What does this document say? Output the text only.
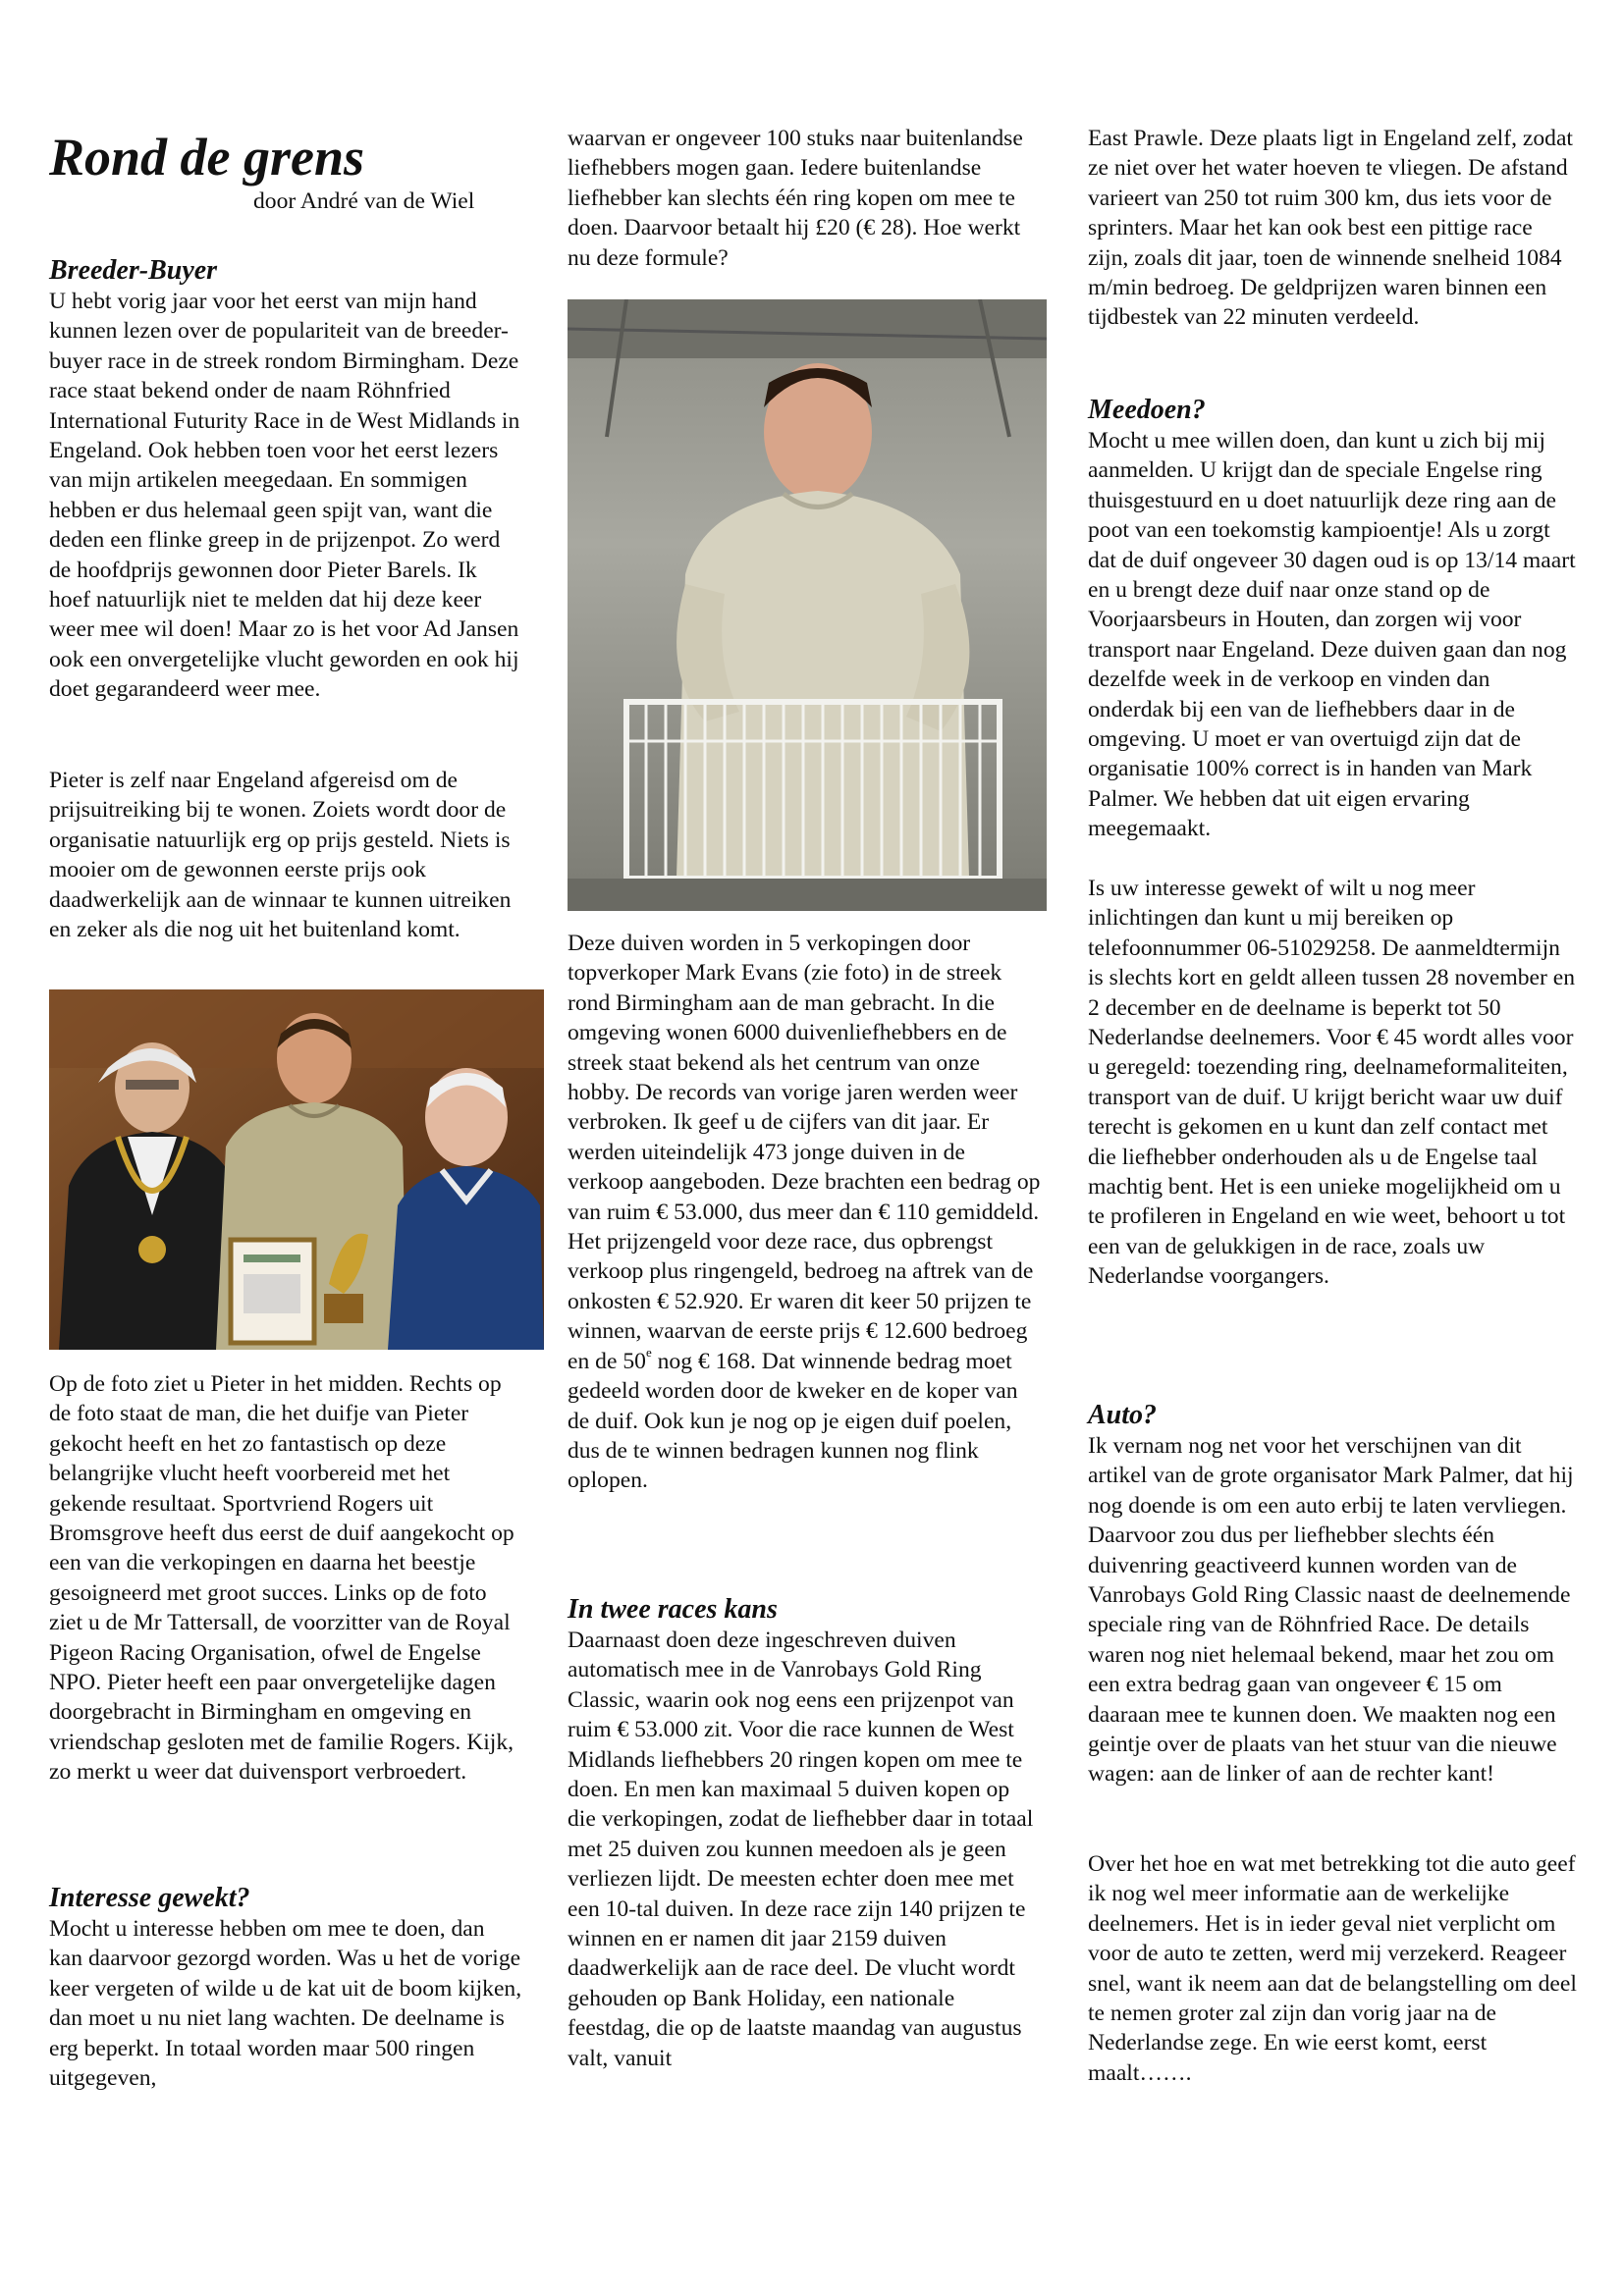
Rond de grens
door André van de Wiel
Breeder-Buyer

U hebt vorig jaar voor het eerst van mijn hand kunnen lezen over de populariteit van de breeder-buyer race in de streek rondom Birmingham. Deze race staat bekend onder de naam Röhnfried International Futurity Race in de West Midlands in Engeland. Ook hebben toen voor het eerst lezers van mijn artikelen meegedaan. En sommigen hebben er dus helemaal geen spijt van, want die deden een flinke greep in de prijzenpot. Zo werd de hoofdprijs gewonnen door Pieter Barels. Ik hoef natuurlijk niet te melden dat hij deze keer weer mee wil doen! Maar zo is het voor Ad Jansen ook een onvergetelijke vlucht geworden en ook hij doet gegarandeerd weer mee.

Pieter is zelf naar Engeland afgereisd om de prijsuitreiking bij te wonen. Zoiets wordt door de organisatie natuurlijk erg op prijs gesteld. Niets is mooier om de gewonnen eerste prijs ook daadwerkelijk aan de winnaar te kunnen uitreiken en zeker als die nog uit het buitenland komt.

Op de foto ziet u Pieter in het midden. Rechts op de foto staat de man, die het duifje van Pieter gekocht heeft en het zo fantastisch op deze belangrijke vlucht heeft voorbereid met het gekende resultaat. Sportvriend Rogers uit Bromsgrove heeft dus eerst de duif aangekocht op een van die verkopingen en daarna het beestje gesoigneerd met groot succes. Links op de foto ziet u de Mr Tattersall, de voorzitter van de Royal Pigeon Racing Organisation, ofwel de Engelse NPO. Pieter heeft een paar onvergetelijke dagen doorgebracht in Birmingham en omgeving en vriendschap gesloten met de familie Rogers. Kijk, zo merkt u weer dat duivensport verbroedert.

Interesse gewekt?

Mocht u interesse hebben om mee te doen, dan kan daarvoor gezorgd worden. Was u het de vorige keer vergeten of wilde u de kat uit de boom kijken, dan moet u nu niet lang wachten. De deelname is erg beperkt. In totaal worden maar 500 ringen uitgegeven,

waarvan er ongeveer 100 stuks naar buitenlandse liefhebbers mogen gaan. Iedere buitenlandse liefhebber kan slechts één ring kopen om mee te doen. Daarvoor betaalt hij £20 (€ 28). Hoe werkt nu deze formule?

Deze duiven worden in 5 verkopingen door topverkoper Mark Evans (zie foto) in de streek rond Birmingham aan de man gebracht. In die omgeving wonen 6000 duivenliefhebbers en de streek staat bekend als het centrum van onze hobby. De records van vorige jaren werden weer verbroken. Ik geef u de cijfers van dit jaar. Er werden uiteindelijk 473 jonge duiven in de verkoop aangeboden. Deze brachten een bedrag op van ruim € 53.000, dus meer dan € 110 gemiddeld. Het prijzengeld voor deze race, dus opbrengst verkoop plus ringengeld, bedroeg na aftrek van de onkosten € 52.920. Er waren dit keer 50 prijzen te winnen, waarvan de eerste prijs € 12.600 bedroeg en de 50e nog € 168. Dat winnende bedrag moet gedeeld worden door de kweker en de koper van de duif. Ook kun je nog op je eigen duif poelen, dus de te winnen bedragen kunnen nog flink oplopen.

In twee races kans

Daarnaast doen deze ingeschreven duiven automatisch mee in de Vanrobays Gold Ring Classic, waarin ook nog eens een prijzenpot van ruim € 53.000 zit. Voor die race kunnen de West Midlands liefhebbers 20 ringen kopen om mee te doen. En men kan maximaal 5 duiven kopen op die verkopingen, zodat de liefhebber daar in totaal met 25 duiven zou kunnen meedoen als je geen verliezen lijdt. De meesten echter doen mee met een 10-tal duiven. In deze race zijn 140 prijzen te winnen en er namen dit jaar 2159 duiven daadwerkelijk aan de race deel. De vlucht wordt gehouden op Bank Holiday, een nationale feestdag, die op de laatste maandag van augustus valt, vanuit

East Prawle. Deze plaats ligt in Engeland zelf, zodat ze niet over het water hoeven te vliegen. De afstand varieert van 250 tot ruim 300 km, dus iets voor de sprinters. Maar het kan ook best een pittige race zijn, zoals dit jaar, toen de winnende snelheid 1084 m/min bedroeg. De geldprijzen waren binnen een tijdbestek van 22 minuten verdeeld.

Meedoen?

Mocht u mee willen doen, dan kunt u zich bij mij aanmelden. U krijgt dan de speciale Engelse ring thuisgestuurd en u doet natuurlijk deze ring aan de poot van een toekomstig kampioentje! Als u zorgt dat de duif ongeveer 30 dagen oud is op 13/14 maart en u brengt deze duif naar onze stand op de Voorjaarsbeurs in Houten, dan zorgen wij voor transport naar Engeland. Deze duiven gaan dan nog dezelfde week in de verkoop en vinden dan onderdak bij een van de liefhebbers daar in de omgeving. U moet er van overtuigd zijn dat de organisatie 100% correct is in handen van Mark Palmer. We hebben dat uit eigen ervaring meegemaakt.

Is uw interesse gewekt of wilt u nog meer inlichtingen dan kunt u mij bereiken op telefoonnummer 06-51029258. De aanmeldtermijn is slechts kort en geldt alleen tussen 28 november en 2 december en de deelname is beperkt tot 50 Nederlandse deelnemers. Voor € 45 wordt alles voor u geregeld: toezending ring, deelnameformaliteiten, transport van de duif. U krijgt bericht waar uw duif terecht is gekomen en u kunt dan zelf contact met die liefhebber onderhouden als u de Engelse taal machtig bent. Het is een unieke mogelijkheid om u te profileren in Engeland en wie weet, behoort u tot een van de gelukkigen in de race, zoals uw Nederlandse voorgangers.

Auto?

Ik vernam nog net voor het verschijnen van dit artikel van de grote organisator Mark Palmer, dat hij nog doende is om een auto erbij te laten vervliegen. Daarvoor zou dus per liefhebber slechts één duivenring geactiveerd kunnen worden van de Vanrobays Gold Ring Classic naast de deelnemende speciale ring van de Röhnfried Race. De details waren nog niet helemaal bekend, maar het zou om een extra bedrag gaan van ongeveer € 15 om daaraan mee te kunnen doen. We maakten nog een geintje over de plaats van het stuur van die nieuwe wagen: aan de linker of aan de rechter kant!

Over het hoe en wat met betrekking tot die auto geef ik nog wel meer informatie aan de werkelijke deelnemers. Het is in ieder geval niet verplicht om voor de auto te zetten, werd mij verzekerd. Reageer snel, want ik neem aan dat de belangstelling om deel te nemen groter zal zijn dan vorig jaar na de Nederlandse zege. En wie eerst komt, eerst maalt…….
